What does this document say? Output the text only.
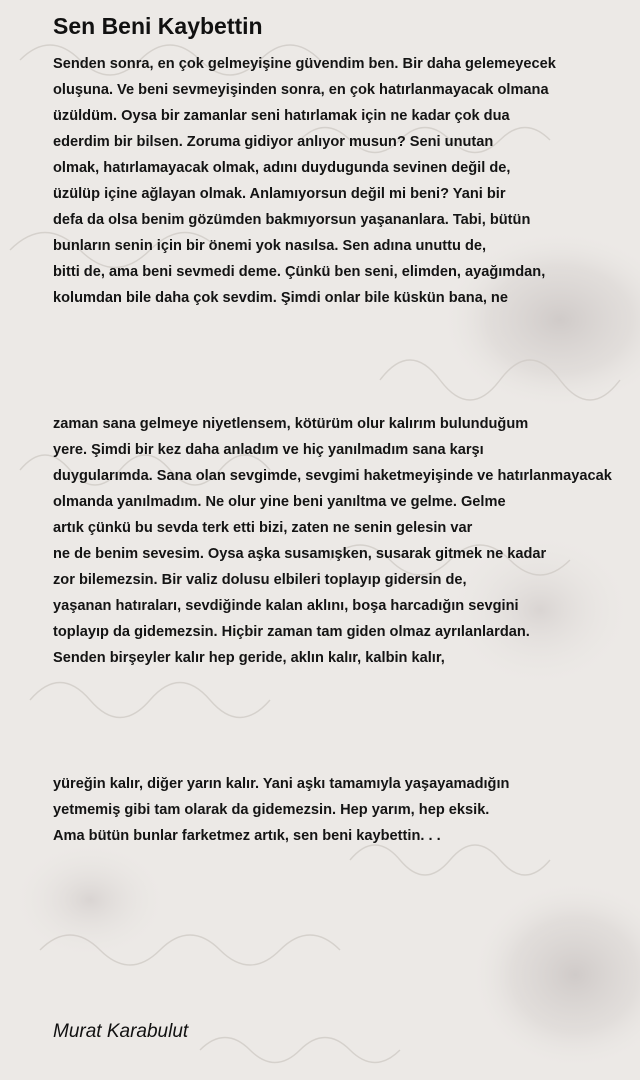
Sen Beni Kaybettin
Senden sonra, en çok gelmeyişine güvendim ben. Bir daha gelemeyecek
oluşuna. Ve beni sevmeyişinden sonra, en çok hatırlanmayacak olmana
üzüldüm. Oysa bir zamanlar seni hatırlamak için ne kadar çok dua
ederdim bir bilsen. Zoruma gidiyor anlıyor musun? Seni unutan
olmak, hatırlamayacak olmak, adını duydugunda sevinen değil de,
üzülüp içine ağlayan olmak. Anlamıyorsun değil mi beni? Yani bir
defa da olsa benim gözümden bakmıyorsun yaşananlara. Tabi, bütün
bunların senin için bir önemi yok nasılsa. Sen adına unuttu de,
bitti de, ama beni sevmedi deme. Çünkü ben seni, elimden, ayağımdan,
kolumdan bile daha çok sevdim. Şimdi onlar bile küskün bana, ne
zaman sana gelmeye niyetlensem, kötürüm olur kalırım bulunduğum
yere. Şimdi bir kez daha anladım ve hiç yanılmadım sana karşı
duygularımda. Sana olan sevgimde, sevgimi haketmeyişinde ve hatırlanmayacak
olmanda yanılmadım. Ne olur yine beni yanıltma ve gelme. Gelme
artık çünkü bu sevda terk etti bizi, zaten ne senin gelesin var
ne de benim sevesim. Oysa aşka susamışken, susarak gitmek ne kadar
zor bilemezsin. Bir valiz dolusu elbileri toplayıp gidersin de,
yaşanan hatıraları, sevdiğinde kalan aklını, boşa harcadığın sevgini
toplayıp da gidemezsin. Hiçbir zaman tam giden olmaz ayrılanlardan.
Senden birşeyler kalır hep geride, aklın kalır, kalbin kalır,
yüreğin kalır, diğer yarın kalır. Yani aşkı tamamıyla yaşayamadığın
yetmemiş gibi tam olarak da gidemezsin. Hep yarım, hep eksik.
Ama bütün bunlar farketmez artık, sen beni kaybettin. . .

Murat Karabulut
